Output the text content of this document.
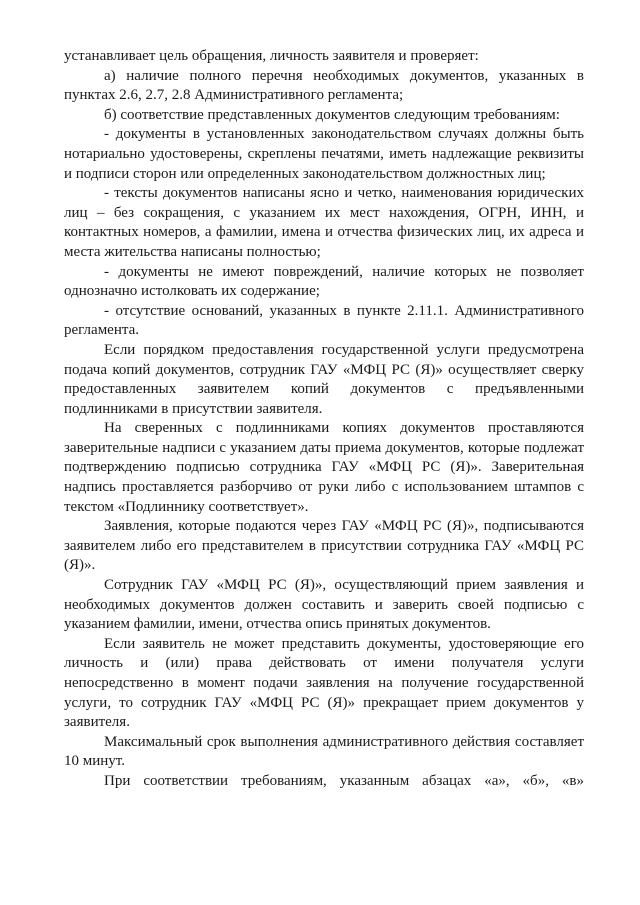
устанавливает цель обращения, личность заявителя и проверяет:

а) наличие полного перечня необходимых документов, указанных в пунктах 2.6, 2.7, 2.8 Административного регламента;

б) соответствие представленных документов следующим требованиям:

- документы в установленных законодательством случаях должны быть нотариально удостоверены, скреплены печатями, иметь надлежащие реквизиты и подписи сторон или определенных законодательством должностных лиц;

- тексты документов написаны ясно и четко, наименования юридических лиц – без сокращения, с указанием их мест нахождения, ОГРН, ИНН, и контактных номеров, а фамилии, имена и отчества физических лиц, их адреса и места жительства написаны полностью;

- документы не имеют повреждений, наличие которых не позволяет однозначно истолковать их содержание;

- отсутствие оснований, указанных в пункте 2.11.1. Административного регламента.

Если порядком предоставления государственной услуги предусмотрена подача копий документов, сотрудник ГАУ «МФЦ РС (Я)» осуществляет сверку предоставленных заявителем копий документов с предъявленными подлинниками в присутствии заявителя.

На сверенных с подлинниками копиях документов проставляются заверительные надписи с указанием даты приема документов, которые подлежат подтверждению подписью сотрудника ГАУ «МФЦ РС (Я)». Заверительная надпись проставляется разборчиво от руки либо с использованием штампов с текстом «Подлиннику соответствует».

Заявления, которые подаются через ГАУ «МФЦ РС (Я)», подписываются заявителем либо его представителем в присутствии сотрудника ГАУ «МФЦ РС (Я)».

Сотрудник ГАУ «МФЦ РС (Я)», осуществляющий прием заявления и необходимых документов должен составить и заверить своей подписью с указанием фамилии, имени, отчества опись принятых документов.

Если заявитель не может представить документы, удостоверяющие его личность и (или) права действовать от имени получателя услуги непосредственно в момент подачи заявления на получение государственной услуги, то сотрудник ГАУ «МФЦ РС (Я)» прекращает прием документов у заявителя.

Максимальный срок выполнения административного действия составляет 10 минут.

При соответствии требованиям, указанным абзацах «а», «б», «в»
